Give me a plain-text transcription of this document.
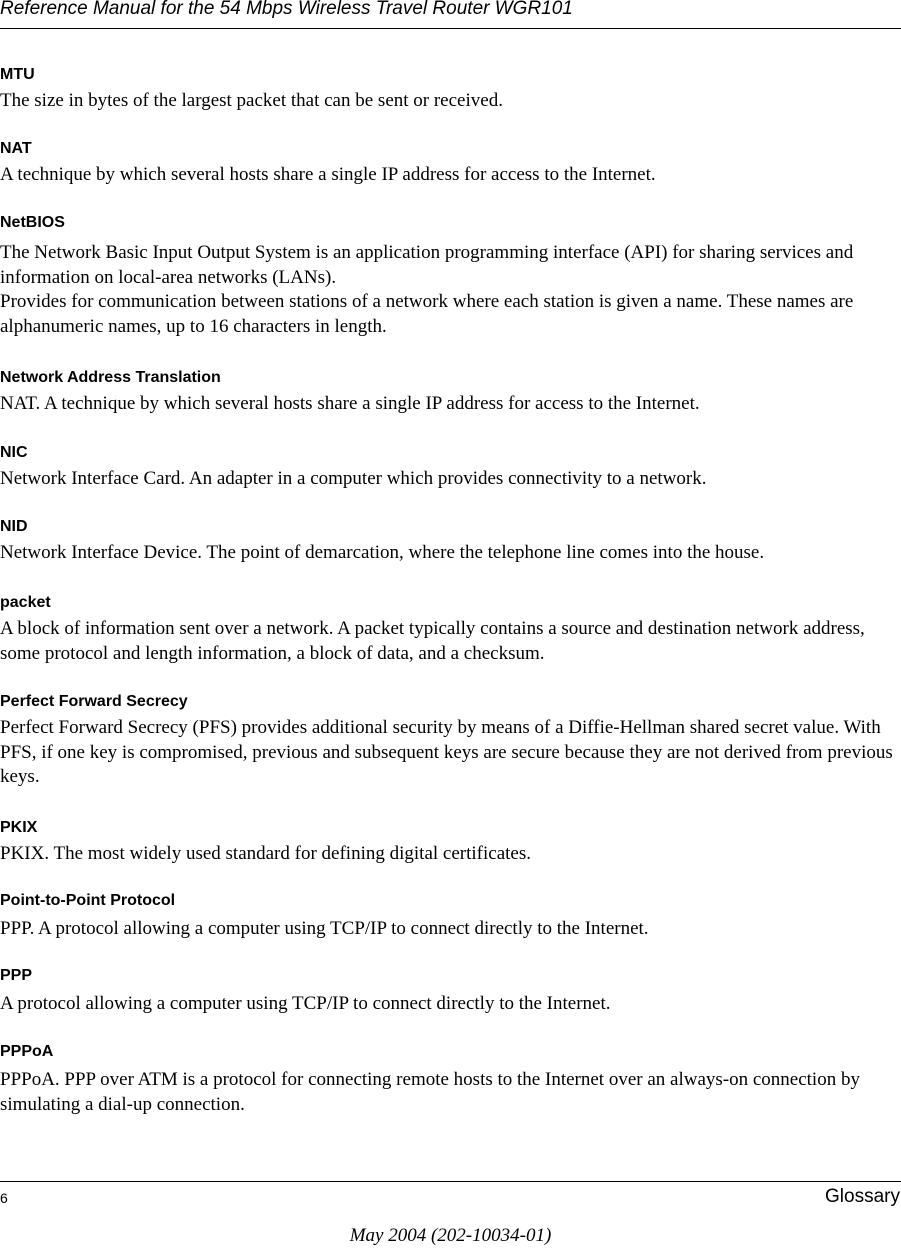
Reference Manual for the 54 Mbps Wireless Travel Router WGR101
MTU

The size in bytes of the largest packet that can be sent or received.

NAT

A technique by which several hosts share a single IP address for access to the Internet.

NetBIOS

The Network Basic Input Output System is an application programming interface (API) for sharing services and information on local-area networks (LANs).

Provides for communication between stations of a network where each station is given a name. These names are alphanumeric names, up to 16 characters in length.

Network Address Translation

NAT. A technique by which several hosts share a single IP address for access to the Internet.

NIC

Network Interface Card. An adapter in a computer which provides connectivity to a network.

NID

Network Interface Device. The point of demarcation, where the telephone line comes into the house.

packet

A block of information sent over a network. A packet typically contains a source and destination network address, some protocol and length information, a block of data, and a checksum.

Perfect Forward Secrecy

Perfect Forward Secrecy (PFS) provides additional security by means of a Diffie-Hellman shared secret value. With PFS, if one key is compromised, previous and subsequent keys are secure because they are not derived from previous keys.

PKIX

PKIX. The most widely used standard for defining digital certificates.

Point-to-Point Protocol

PPP. A protocol allowing a computer using TCP/IP to connect directly to the Internet.

PPP

A protocol allowing a computer using TCP/IP to connect directly to the Internet.

PPPoA

PPPoA. PPP over ATM is a protocol for connecting remote hosts to the Internet over an always-on connection by simulating a dial-up connection.

6	Glossary
May 2004 (202-10034-01)
